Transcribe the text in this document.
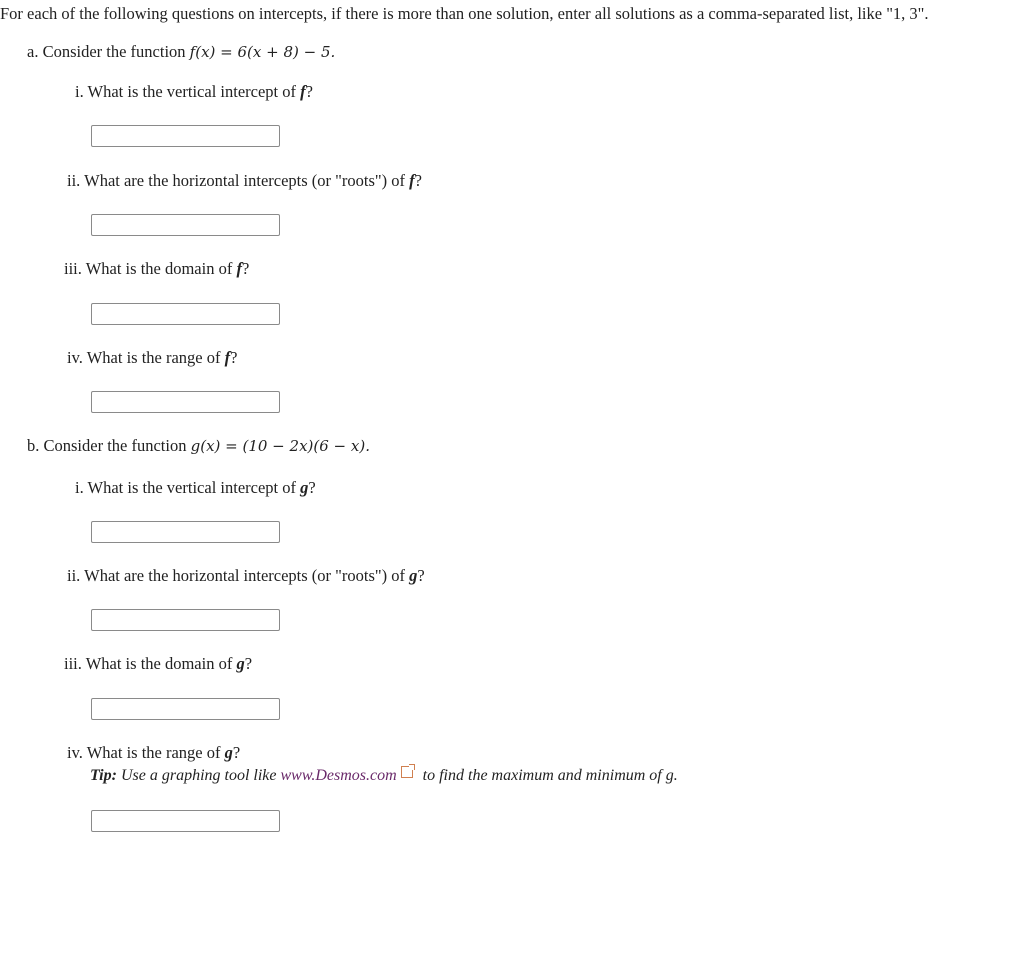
For each of the following questions on intercepts, if there is more than one solution, enter all solutions as a comma-separated list, like "1, 3".
a. Consider the function f(x) = 6(x + 8) − 5.
i. What is the vertical intercept of f?
ii. What are the horizontal intercepts (or "roots") of f?
iii. What is the domain of f?
iv. What is the range of f?
b. Consider the function g(x) = (10 − 2x)(6 − x).
i. What is the vertical intercept of g?
ii. What are the horizontal intercepts (or "roots") of g?
iii. What is the domain of g?
iv. What is the range of g?
Tip: Use a graphing tool like www.Desmos.com to find the maximum and minimum of g.
